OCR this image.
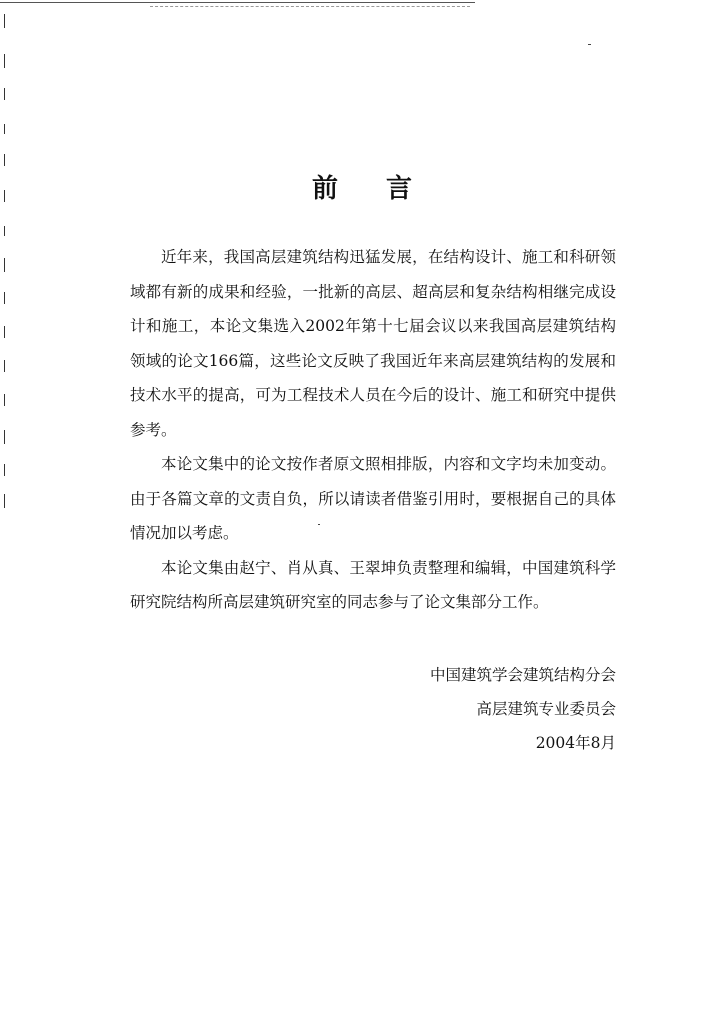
前 言

近年来，我国高层建筑结构迅猛发展，在结构设计、施工和科研领域都有新的成果和经验，一批新的高层、超高层和复杂结构相继完成设计和施工，本论文集选入2002年第十七届会议以来我国高层建筑结构领域的论文166篇，这些论文反映了我国近年来高层建筑结构的发展和技术水平的提高，可为工程技术人员在今后的设计、施工和研究中提供参考。

本论文集中的论文按作者原文照相排版，内容和文字均未加变动。由于各篇文章的文责自负，所以请读者借鉴引用时，要根据自己的具体情况加以考虑。

本论文集由赵宁、肖从真、王翠坤负责整理和编辑，中国建筑科学研究院结构所高层建筑研究室的同志参与了论文集部分工作。

中国建筑学会建筑结构分会
高层建筑专业委员会
2004年8月
